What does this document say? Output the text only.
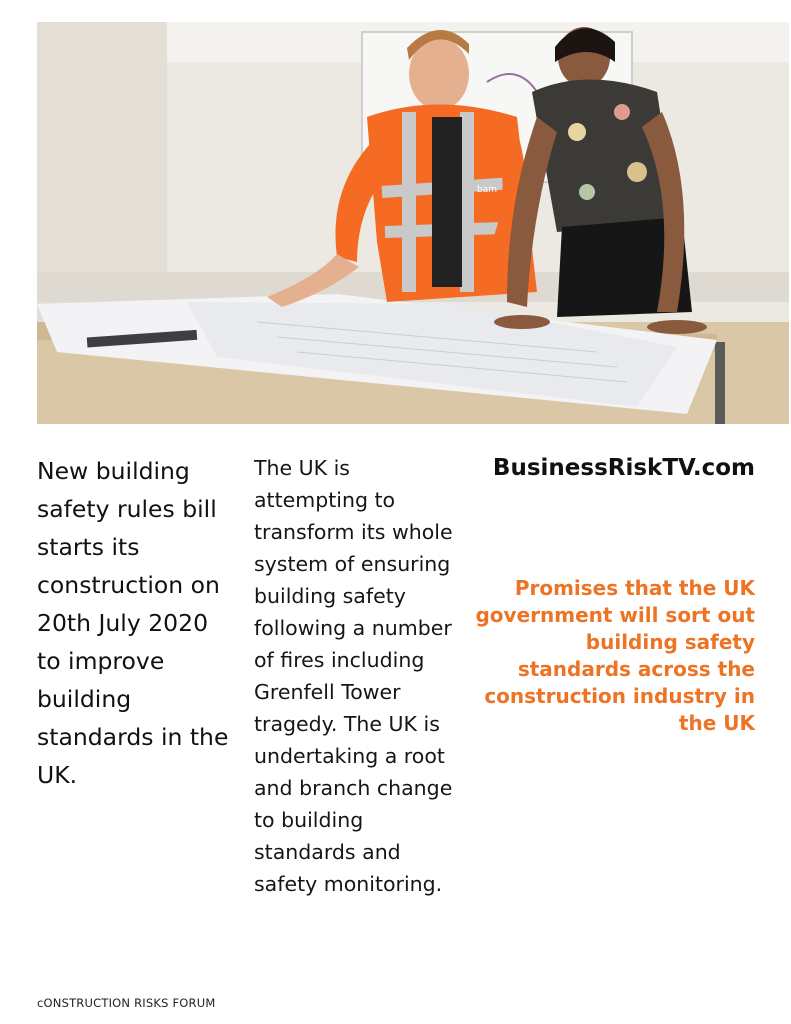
bam
New building safety rules bill starts its construction on 20th July 2020 to improve building standards in the UK.
The UK is attempting to transform its whole system of ensuring building safety following a number of fires including Grenfell Tower tragedy. The UK is undertaking a root and branch change to building standards and safety monitoring.
BusinessRiskTV.com
Promises that the UK government will sort out building safety standards across the construction industry in the UK
cONSTRUCTION RISKS FORUM
